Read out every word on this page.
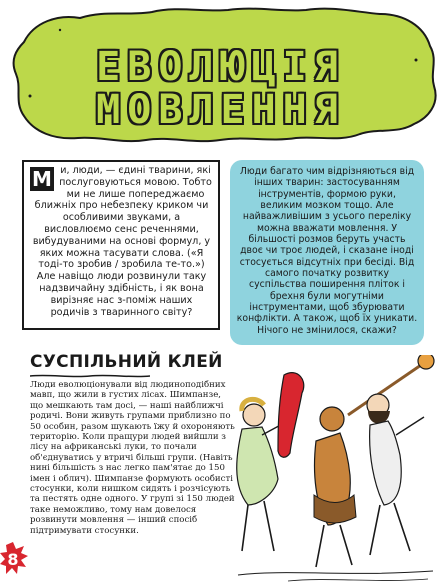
ЕВОЛЮЦІЯ
МОВЛЕННЯ
М и, люди, — єдині тварини, які послуговуються мовою. Тобто ми не лише попереджаємо ближніх про небезпеку криком чи особливими звуками, а висловлюємо сенс реченнями, вибудуваними на основі формул, у яких можна тасувати слова. («Я тоді-то зробив / зробила те-то.») Але навіщо люди розвинули таку надзвичайну здібність, і як вона вирізняє нас з-поміж наших родичів з тваринного світу?
Люди багато чим відрізняються від інших тварин: застосуванням інструментів, формою руки, великим мозком тощо. Але найважливішим з усього переліку можна вважати мовлення. У більшості розмов беруть участь двоє чи троє людей, і сказане іноді стосується відсутніх при бесіді. Від самого початку розвитку суспільства поширення пліток і брехня були могутніми інструментами, щоб збурювати конфлікти. А також, щоб їх уникати. Нічого не змінилося, скажи?
СУСПІЛЬНИЙ КЛЕЙ

Люди еволюціонували від людиноподібних мавп, що жили в густих лісах. Шимпанзе, що мешкають там досі, — наші найближчі родичі. Вони живуть групами приблизно по 50 особин, разом шукають їжу й охороняють територію. Коли пращури людей вийшли з лісу на африканські луки, то почали об'єднуватись у втричі більші групи. (Навіть нині більшість з нас легко пам'ятає до 150 імен і облич). Шимпанзе формують особисті стосунки, коли нишком сидять і розчісують та пестять одне одного. У групі зі 150 людей таке неможливо, тому нам довелося розвинути мовлення — інший спосіб підтримувати стосунки.

8
